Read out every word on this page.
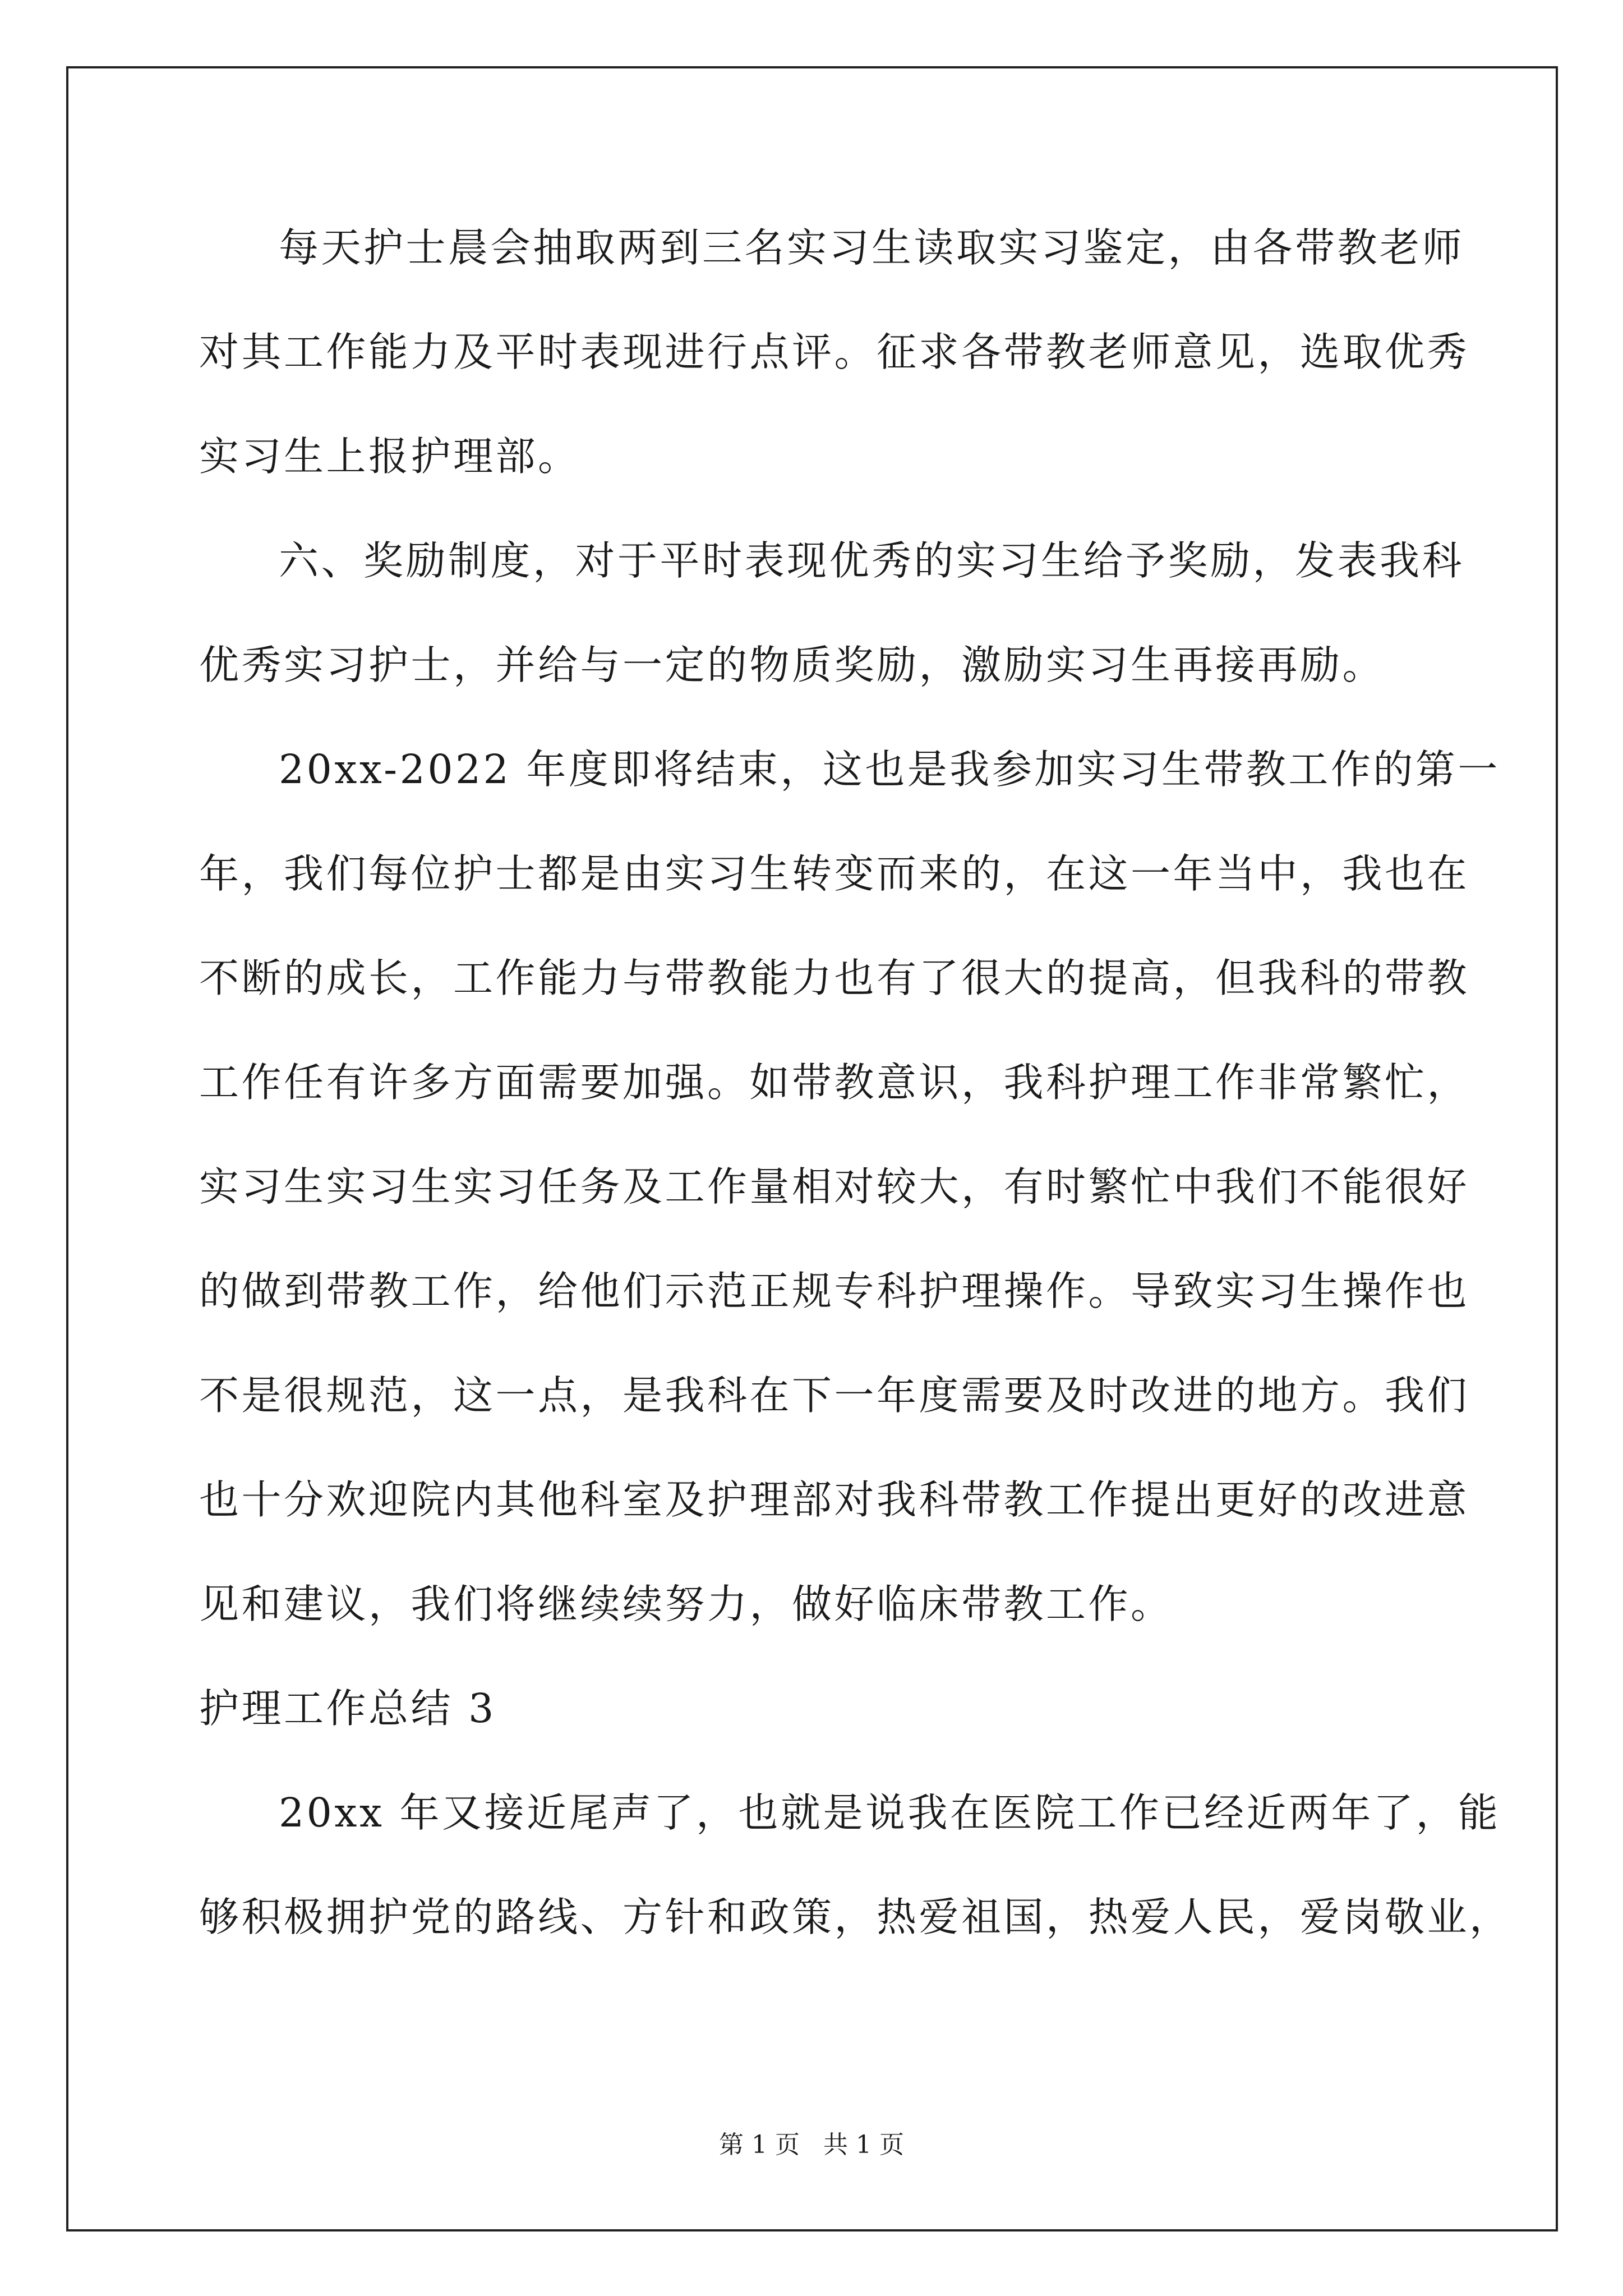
每天护士晨会抽取两到三名实习生读取实习鉴定，由各带教老师

对其工作能力及平时表现进行点评。征求各带教老师意见，选取优秀

实习生上报护理部。

六、奖励制度，对于平时表现优秀的实习生给予奖励，发表我科

优秀实习护士，并给与一定的物质奖励，激励实习生再接再励。

20xx-2022 年度即将结束，这也是我参加实习生带教工作的第一

年，我们每位护士都是由实习生转变而来的，在这一年当中，我也在

不断的成长，工作能力与带教能力也有了很大的提高，但我科的带教

工作任有许多方面需要加强。如带教意识，我科护理工作非常繁忙，

实习生实习生实习任务及工作量相对较大，有时繁忙中我们不能很好

的做到带教工作，给他们示范正规专科护理操作。导致实习生操作也

不是很规范，这一点，是我科在下一年度需要及时改进的地方。我们

也十分欢迎院内其他科室及护理部对我科带教工作提出更好的改进意

见和建议，我们将继续续努力，做好临床带教工作。

护理工作总结 3

20xx 年又接近尾声了，也就是说我在医院工作已经近两年了，能

够积极拥护党的路线、方针和政策，热爱祖国，热爱人民，爱岗敬业，

第 1 页   共 1 页
